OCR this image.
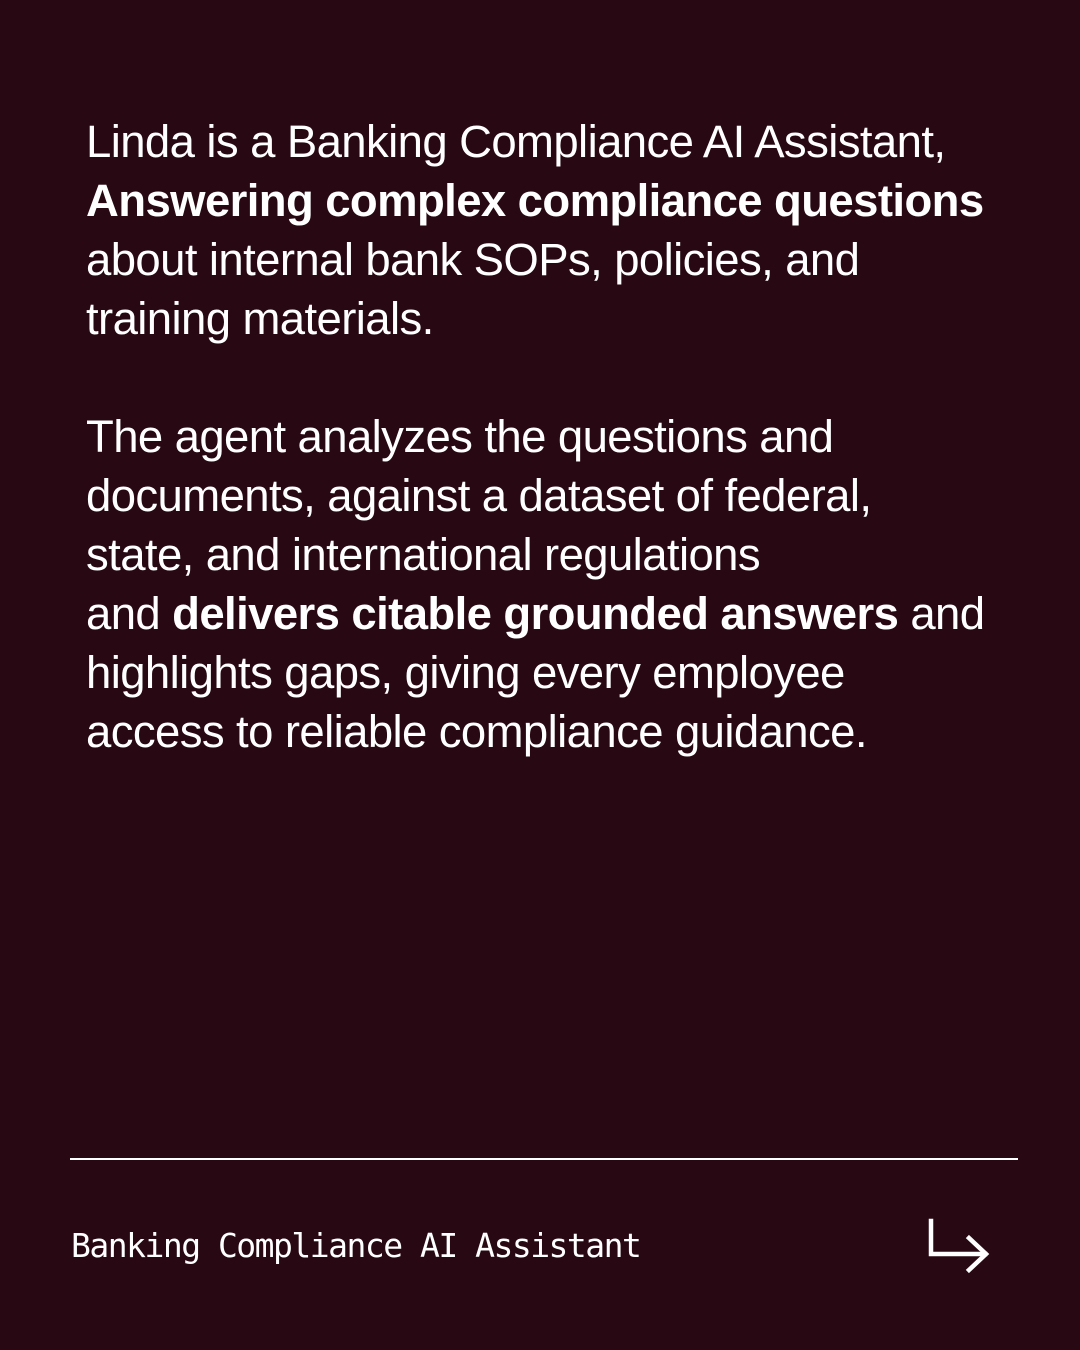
Linda is a Banking Compliance AI Assistant, Answering complex compliance questions about internal bank SOPs, policies, and training materials.

The agent analyzes the questions and documents, against a dataset of federal, state, and international regulations
and delivers citable grounded answers and highlights gaps, giving every employee access to reliable compliance guidance.

Banking Compliance AI Assistant
